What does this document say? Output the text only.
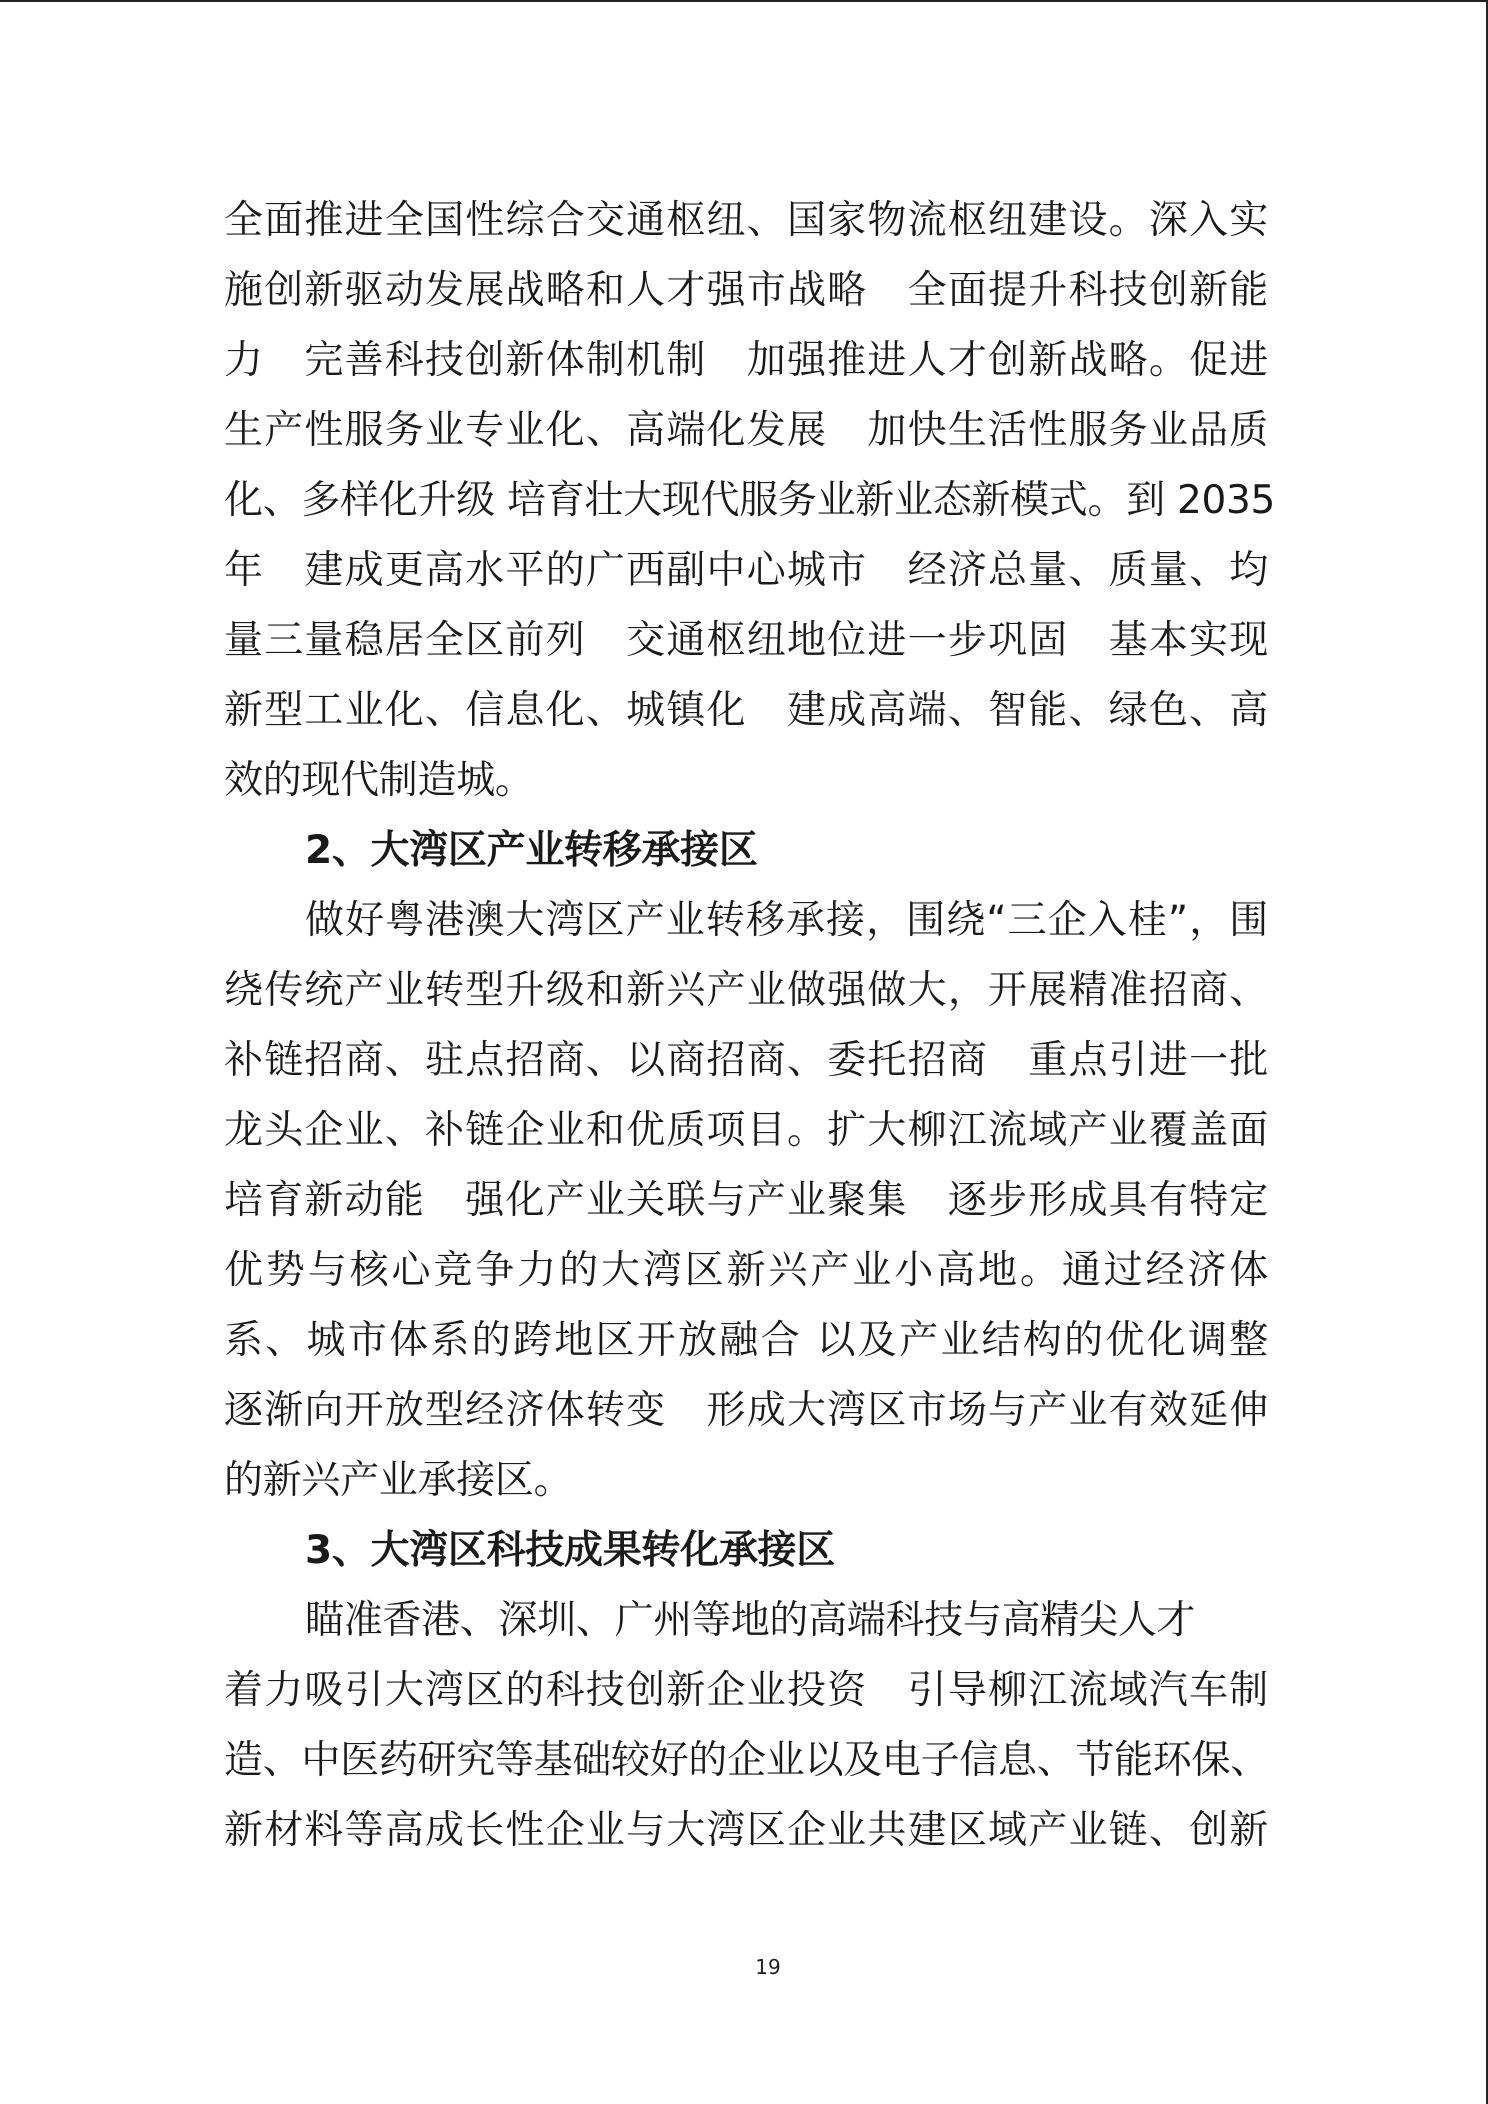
全面推进全国性综合交通枢纽、国家物流枢纽建设。深入实
施创新驱动发展战略和人才强市战略　全面提升科技创新能
力　完善科技创新体制机制　加强推进人才创新战略。促进
生产性服务业专业化、高端化发展　加快生活性服务业品质
化、多样化升级 培育壮大现代服务业新业态新模式。到 2035
年　建成更高水平的广西副中心城市　经济总量、质量、均
量三量稳居全区前列　交通枢纽地位进一步巩固　基本实现
新型工业化、信息化、城镇化　建成高端、智能、绿色、高
效的现代制造城。
2、大湾区产业转移承接区
做好粤港澳大湾区产业转移承接，围绕“三企入桂”，围
绕传统产业转型升级和新兴产业做强做大，开展精准招商、
补链招商、驻点招商、以商招商、委托招商　重点引进一批
龙头企业、补链企业和优质项目。扩大柳江流域产业覆盖面
培育新动能　强化产业关联与产业聚集　逐步形成具有特定
优势与核心竞争力的大湾区新兴产业小高地。通过经济体
系、城市体系的跨地区开放融合 以及产业结构的优化调整
逐渐向开放型经济体转变　形成大湾区市场与产业有效延伸
的新兴产业承接区。
3、大湾区科技成果转化承接区
瞄准香港、深圳、广州等地的高端科技与高精尖人才
着力吸引大湾区的科技创新企业投资　引导柳江流域汽车制
造、中医药研究等基础较好的企业以及电子信息、节能环保、
新材料等高成长性企业与大湾区企业共建区域产业链、创新
19
